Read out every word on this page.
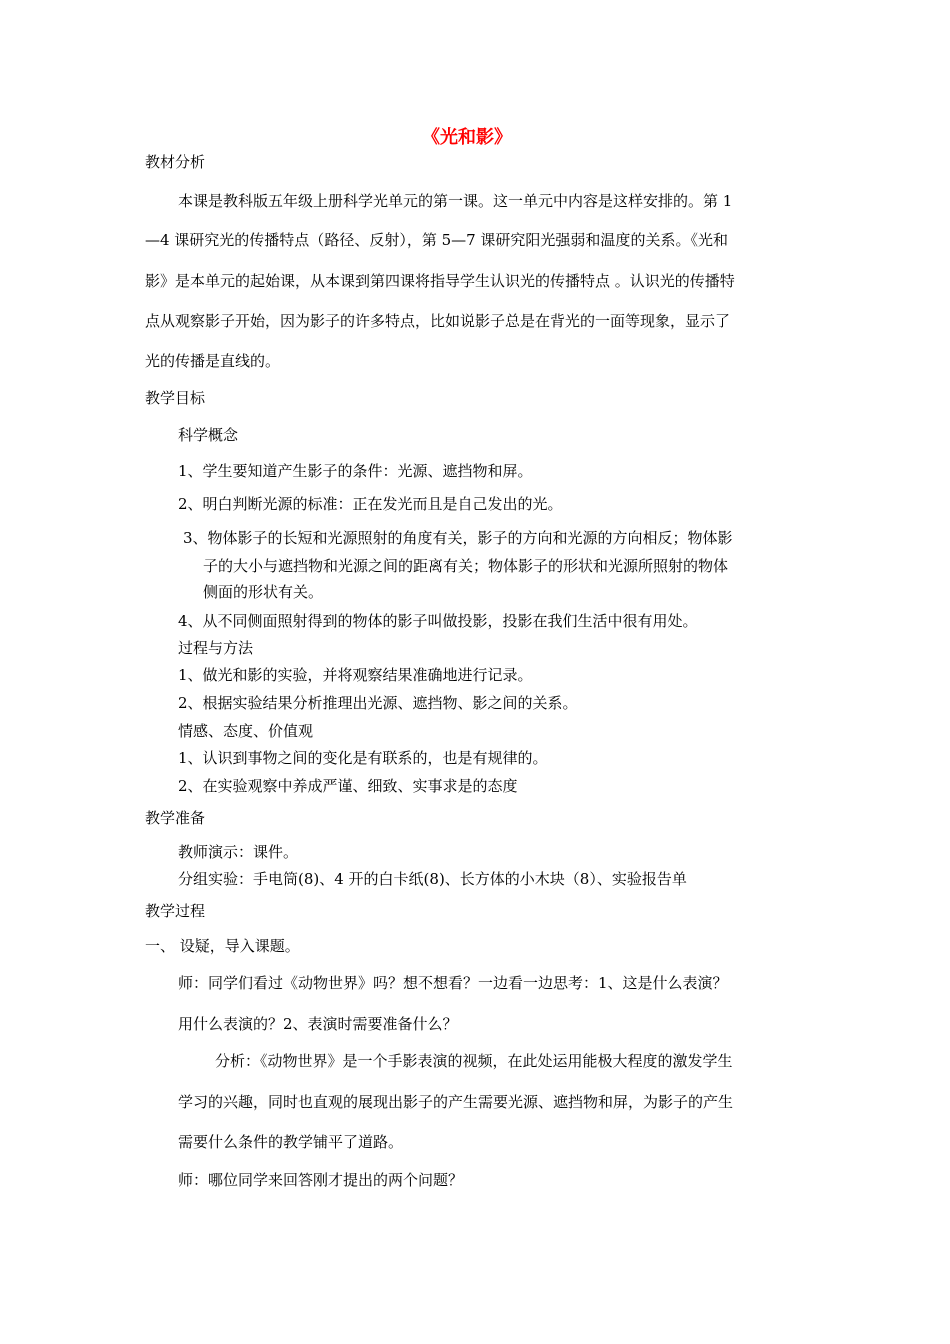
《光和影》
教材分析
本课是教科版五年级上册科学光单元的第一课。这一单元中内容是这样安排的。第 1
—4 课研究光的传播特点（路径、反射），第 5—7 课研究阳光强弱和温度的关系。《光和
影》是本单元的起始课，从本课到第四课将指导学生认识光的传播特点 。认识光的传播特
点从观察影子开始，因为影子的许多特点，比如说影子总是在背光的一面等现象，显示了
光的传播是直线的。
教学目标
科学概念
1、学生要知道产生影子的条件：光源、遮挡物和屏。
2、明白判断光源的标准：正在发光而且是自己发出的光。
3、物体影子的长短和光源照射的角度有关，影子的方向和光源的方向相反；物体影
子的大小与遮挡物和光源之间的距离有关；物体影子的形状和光源所照射的物体
侧面的形状有关。
4、从不同侧面照射得到的物体的影子叫做投影，投影在我们生活中很有用处。
过程与方法
1、做光和影的实验，并将观察结果准确地进行记录。
2、根据实验结果分析推理出光源、遮挡物、影之间的关系。
情感、态度、价值观
1、认识到事物之间的变化是有联系的，也是有规律的。
2、在实验观察中养成严谨、细致、实事求是的态度
教学准备
教师演示：课件。
分组实验：手电筒(8)、4 开的白卡纸(8)、长方体的小木块（8）、实验报告单
教学过程
一、 设疑，导入课题。
师：同学们看过《动物世界》吗？想不想看？一边看一边思考：1、这是什么表演？
用什么表演的？2、表演时需要准备什么？
分析：《动物世界》是一个手影表演的视频，在此处运用能极大程度的激发学生
学习的兴趣，同时也直观的展现出影子的产生需要光源、遮挡物和屏，为影子的产生
需要什么条件的教学铺平了道路。
师：哪位同学来回答刚才提出的两个问题？
